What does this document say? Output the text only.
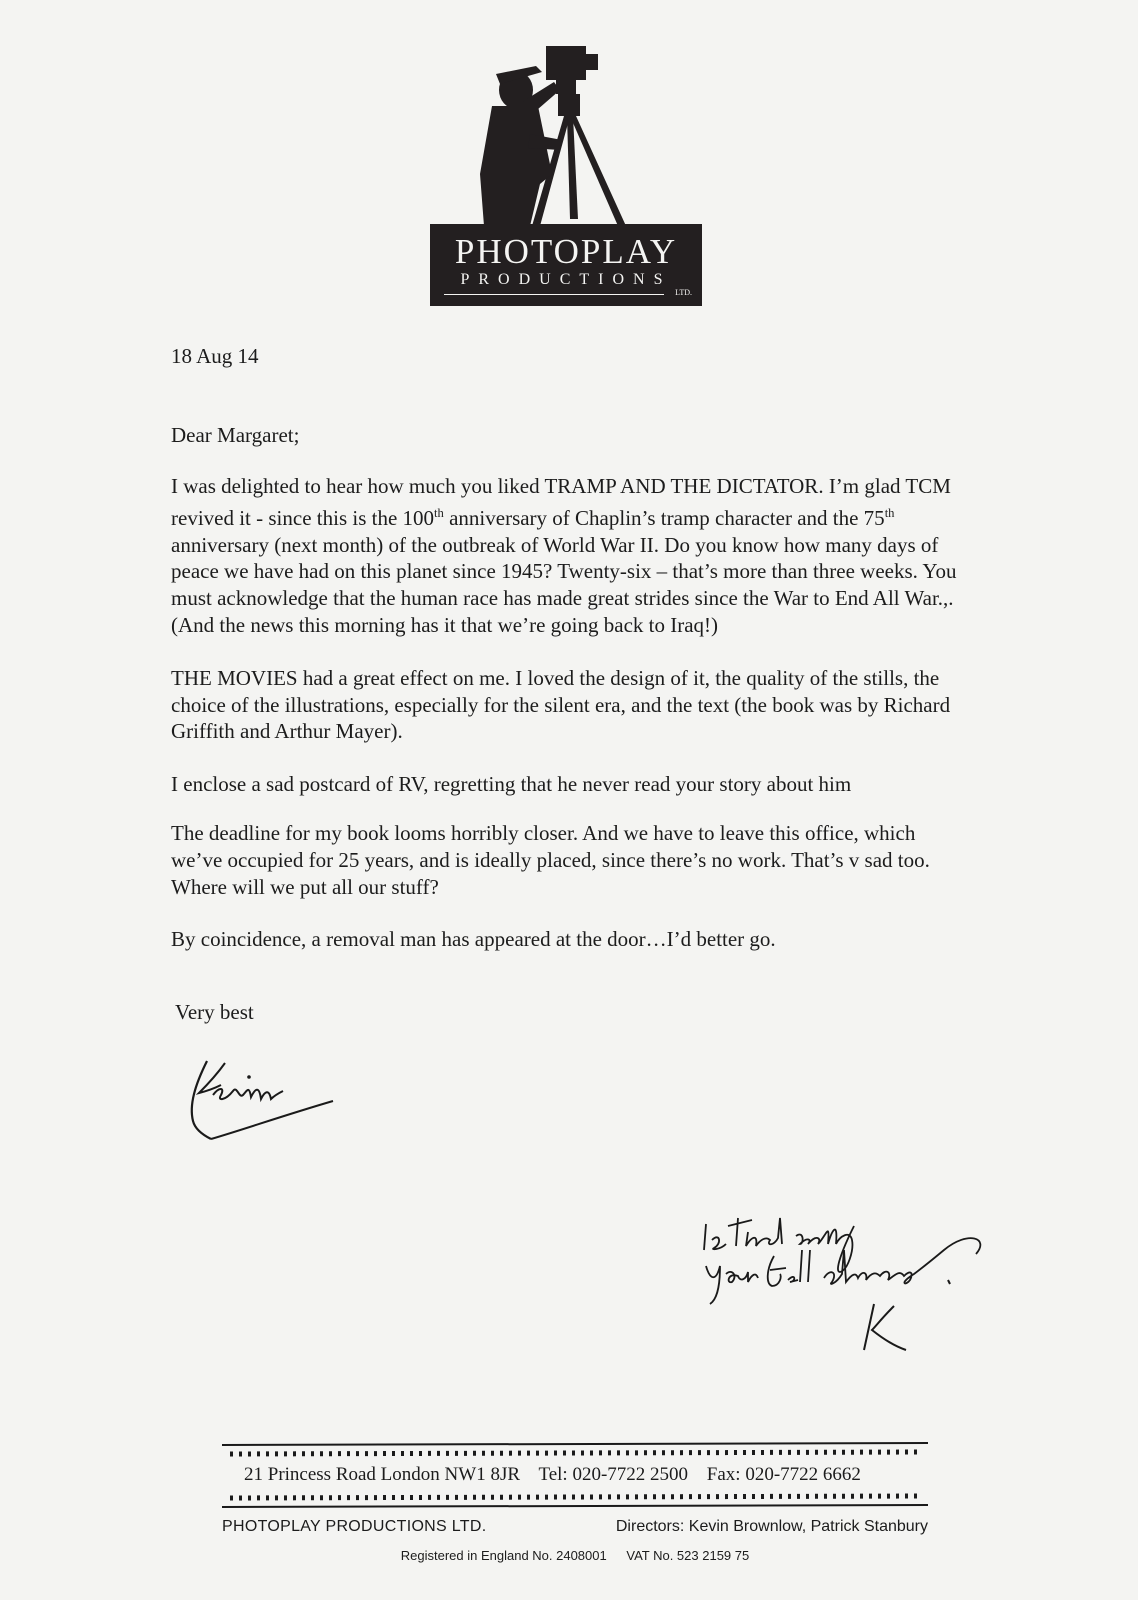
PHOTOPLAY
PRODUCTIONS
LTD.
18 Aug 14
Dear Margaret;

I was delighted to hear how much you liked TRAMP AND THE DICTATOR. I’m glad TCM revived it - since this is the 100th anniversary of Chaplin’s tramp character and the 75th anniversary (next month) of the outbreak of World War II. Do you know how many days of peace we have had on this planet since 1945? Twenty-six – that’s more than three weeks. You must acknowledge that the human race has made great strides since the War to End All War.,. (And the news this morning has it that we’re going back to Iraq!)

THE MOVIES had a great effect on me. I loved the design of it, the quality of the stills, the choice of the illustrations, especially for the silent era, and the text (the book was by Richard Griffith and Arthur Mayer).

I enclose a sad postcard of RV, regretting that he never read your story about him

The deadline for my book looms horribly closer. And we have to leave this office, which we’ve occupied for 25 years, and is ideally placed, since there’s no work. That’s v sad too. Where will we put all our stuff?

By coincidence, a removal man has appeared at the door…I’d better go.

Very best
21 Princess Road London NW1 8JR Tel: 020-7722 2500 Fax: 020-7722 6662
PHOTOPLAY PRODUCTIONS LTD.	Directors: Kevin Brownlow, Patrick Stanbury
Registered in England No. 2408001 VAT No. 523 2159 75
